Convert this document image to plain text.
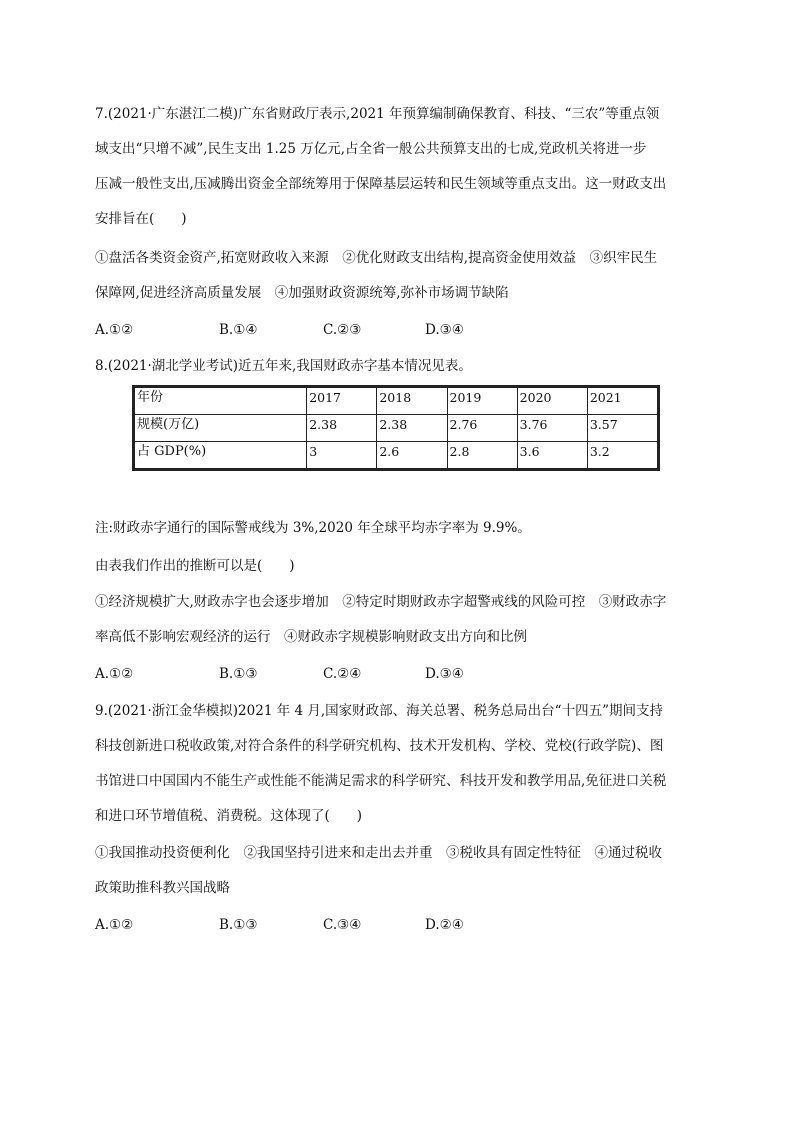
7.(2021·广东湛江二模)广东省财政厅表示,2021 年预算编制确保教育、科技、“三农”等重点领
域支出“只增不减”,民生支出 1.25 万亿元,占全省一般公共预算支出的七成,党政机关将进一步
压减一般性支出,压减腾出资金全部统筹用于保障基层运转和民生领域等重点支出。这一财政支出
安排旨在(　　)
①盘活各类资金资产,拓宽财政收入来源　②优化财政支出结构,提高资金使用效益　③织牢民生
保障网,促进经济高质量发展　④加强财政资源统筹,弥补市场调节缺陷
A.①②	B.①④	C.②③	D.③④
8.(2021·湖北学业考试)近五年来,我国财政赤字基本情况见表。
年份	2017	2018	2019	2020	2021
规模(万亿)	2.38	2.38	2.76	3.76	3.57
占 GDP(%)	3	2.6	2.8	3.6	3.2
注:财政赤字通行的国际警戒线为 3%,2020 年全球平均赤字率为 9.9%。
由表我们作出的推断可以是(　　)
①经济规模扩大,财政赤字也会逐步增加　②特定时期财政赤字超警戒线的风险可控　③财政赤字
率高低不影响宏观经济的运行　④财政赤字规模影响财政支出方向和比例
A.①②	B.①③	C.②④	D.③④
9.(2021·浙江金华模拟)2021 年 4 月,国家财政部、海关总署、税务总局出台“十四五”期间支持
科技创新进口税收政策,对符合条件的科学研究机构、技术开发机构、学校、党校(行政学院)、图
书馆进口中国国内不能生产或性能不能满足需求的科学研究、科技开发和教学用品,免征进口关税
和进口环节增值税、消费税。这体现了(　　)
①我国推动投资便利化　②我国坚持引进来和走出去并重　③税收具有固定性特征　④通过税收
政策助推科教兴国战略
A.①②	B.①③	C.③④	D.②④
